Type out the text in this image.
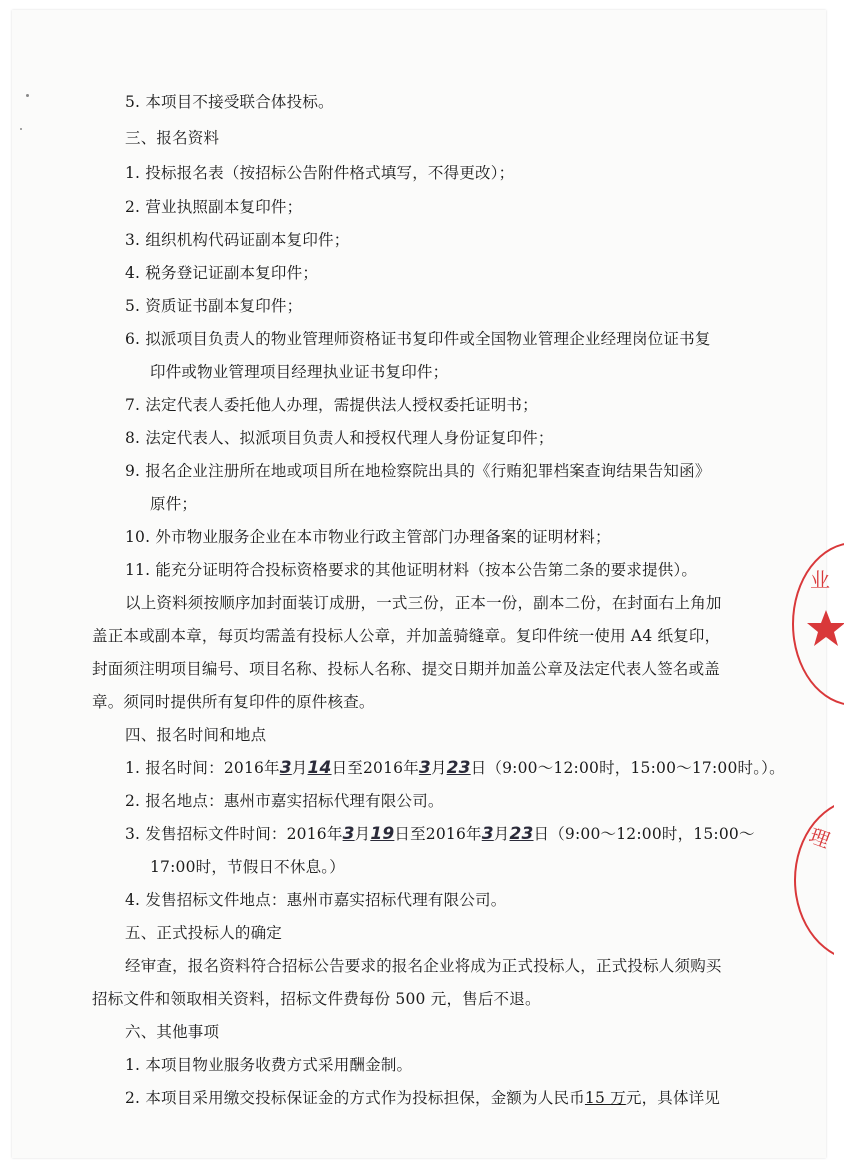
5. 本项目不接受联合体投标。
三、报名资料
1. 投标报名表（按招标公告附件格式填写，不得更改）；
2. 营业执照副本复印件；
3. 组织机构代码证副本复印件；
4. 税务登记证副本复印件；
5. 资质证书副本复印件；
6. 拟派项目负责人的物业管理师资格证书复印件或全国物业管理企业经理岗位证书复
印件或物业管理项目经理执业证书复印件；
7. 法定代表人委托他人办理，需提供法人授权委托证明书；
8. 法定代表人、拟派项目负责人和授权代理人身份证复印件；
9. 报名企业注册所在地或项目所在地检察院出具的《行贿犯罪档案查询结果告知函》
原件；
10. 外市物业服务企业在本市物业行政主管部门办理备案的证明材料；
11. 能充分证明符合投标资格要求的其他证明材料（按本公告第二条的要求提供）。
以上资料须按顺序加封面装订成册，一式三份，正本一份，副本二份，在封面右上角加
盖正本或副本章，每页均需盖有投标人公章，并加盖骑缝章。复印件统一使用 A4 纸复印，
封面须注明项目编号、项目名称、投标人名称、提交日期并加盖公章及法定代表人签名或盖
章。须同时提供所有复印件的原件核查。
四、报名时间和地点
1. 报名时间：2016年3月14日至2016年3月23日（9:00～12:00时，15:00～17:00时。）。
2. 报名地点：惠州市嘉实招标代理有限公司。
3. 发售招标文件时间：2016年3月19日至2016年3月23日（9:00～12:00时，15:00～
17:00时，节假日不休息。）
4. 发售招标文件地点：惠州市嘉实招标代理有限公司。
五、正式投标人的确定
经审查，报名资料符合招标公告要求的报名企业将成为正式投标人，正式投标人须购买
招标文件和领取相关资料，招标文件费每份 500 元，售后不退。
六、其他事项
1. 本项目物业服务收费方式采用酬金制。
2. 本项目采用缴交投标保证金的方式作为投标担保，金额为人民币15 万元，具体详见
业
理
